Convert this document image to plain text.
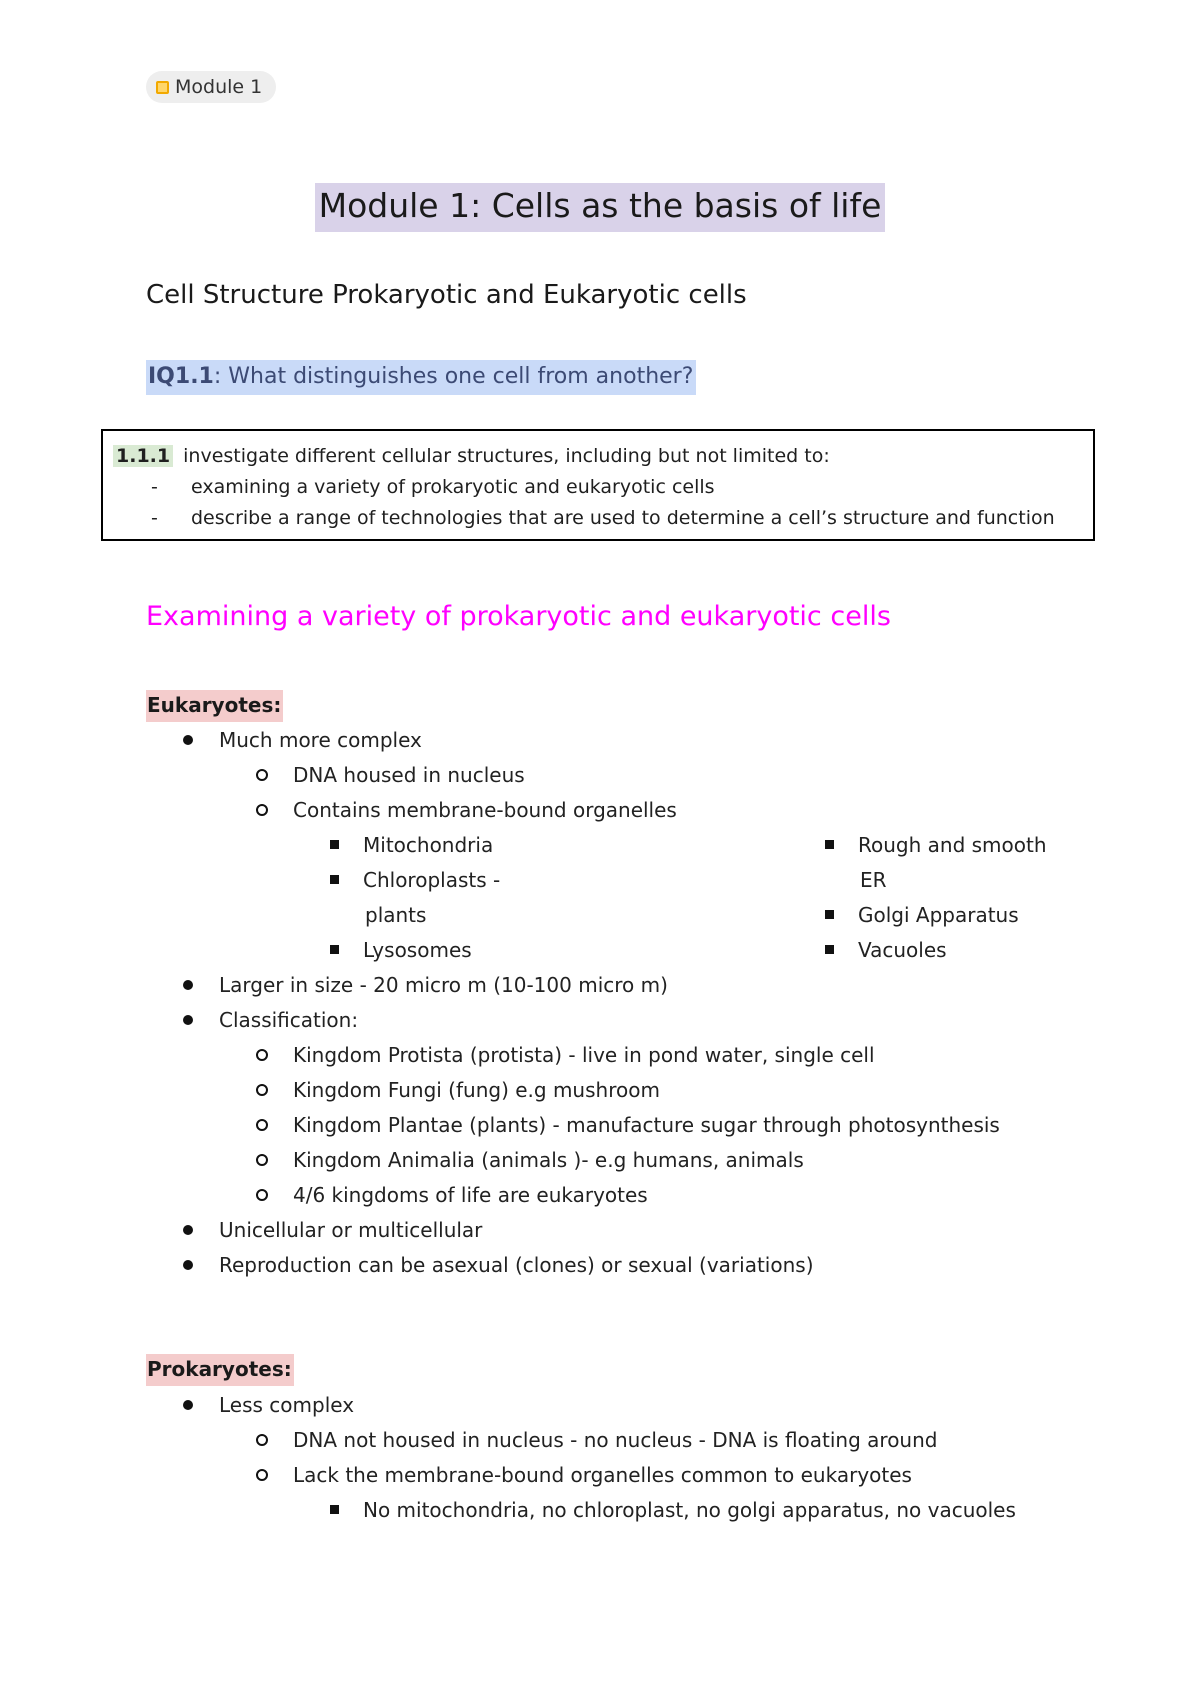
Module 1
Module 1: Cells as the basis of life
Cell Structure Prokaryotic and Eukaryotic cells

IQ1.1: What distinguishes one cell from another?

1.1.1 investigate different cellular structures, including but not limited to:
- examining a variety of prokaryotic and eukaryotic cells
- describe a range of technologies that are used to determine a cell’s structure and function
Examining a variety of prokaryotic and eukaryotic cells

Eukaryotes:

Much more complex
DNA housed in nucleus
Contains membrane-bound organelles
Mitochondria
Chloroplasts -
plants
Lysosomes
Rough and smooth
ER
Golgi Apparatus
Vacuoles
Larger in size - 20 micro m (10-100 micro m)
Classification:
Kingdom Protista (protista) - live in pond water, single cell
Kingdom Fungi (fung) e.g mushroom
Kingdom Plantae (plants) - manufacture sugar through photosynthesis
Kingdom Animalia (animals )- e.g humans, animals
4/6 kingdoms of life are eukaryotes
Unicellular or multicellular
Reproduction can be asexual (clones) or sexual (variations)

Prokaryotes:

Less complex
DNA not housed in nucleus - no nucleus - DNA is floating around
Lack the membrane-bound organelles common to eukaryotes
No mitochondria, no chloroplast, no golgi apparatus, no vacuoles
